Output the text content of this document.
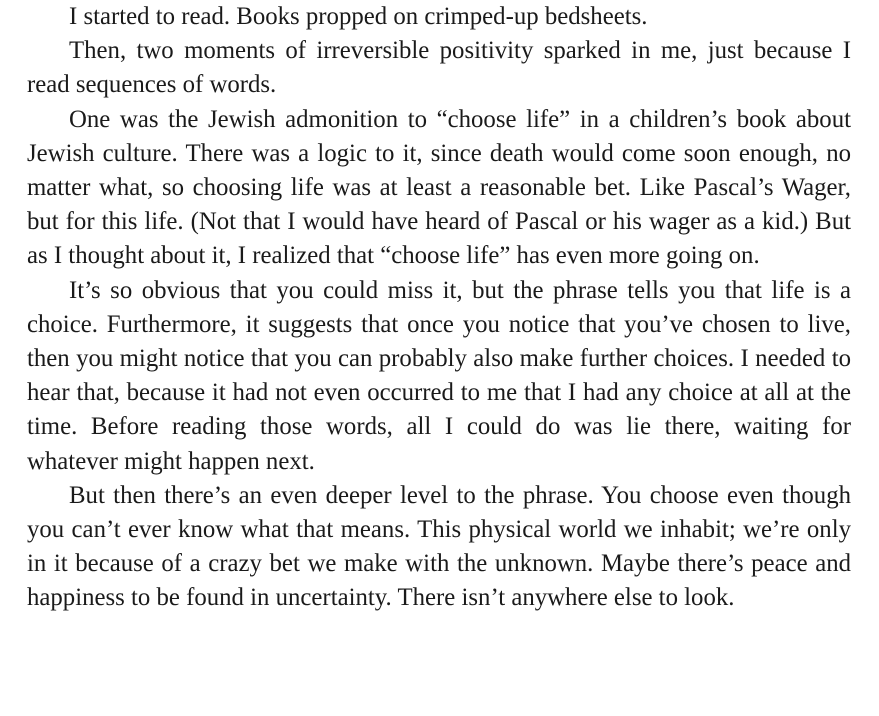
I started to read. Books propped on crimped-up bedsheets.

Then, two moments of irreversible positivity sparked in me, just because I read sequences of words.

One was the Jewish admonition to “choose life” in a children’s book about Jewish culture. There was a logic to it, since death would come soon enough, no matter what, so choosing life was at least a reasonable bet. Like Pascal’s Wager, but for this life. (Not that I would have heard of Pascal or his wager as a kid.) But as I thought about it, I realized that “choose life” has even more going on.

It’s so obvious that you could miss it, but the phrase tells you that life is a choice. Furthermore, it suggests that once you notice that you’ve chosen to live, then you might notice that you can probably also make further choices. I needed to hear that, because it had not even occurred to me that I had any choice at all at the time. Before reading those words, all I could do was lie there, waiting for whatever might happen next.

But then there’s an even deeper level to the phrase. You choose even though you can’t ever know what that means. This physical world we inhabit; we’re only in it because of a crazy bet we make with the unknown. Maybe there’s peace and happiness to be found in uncertainty. There isn’t anywhere else to look.
